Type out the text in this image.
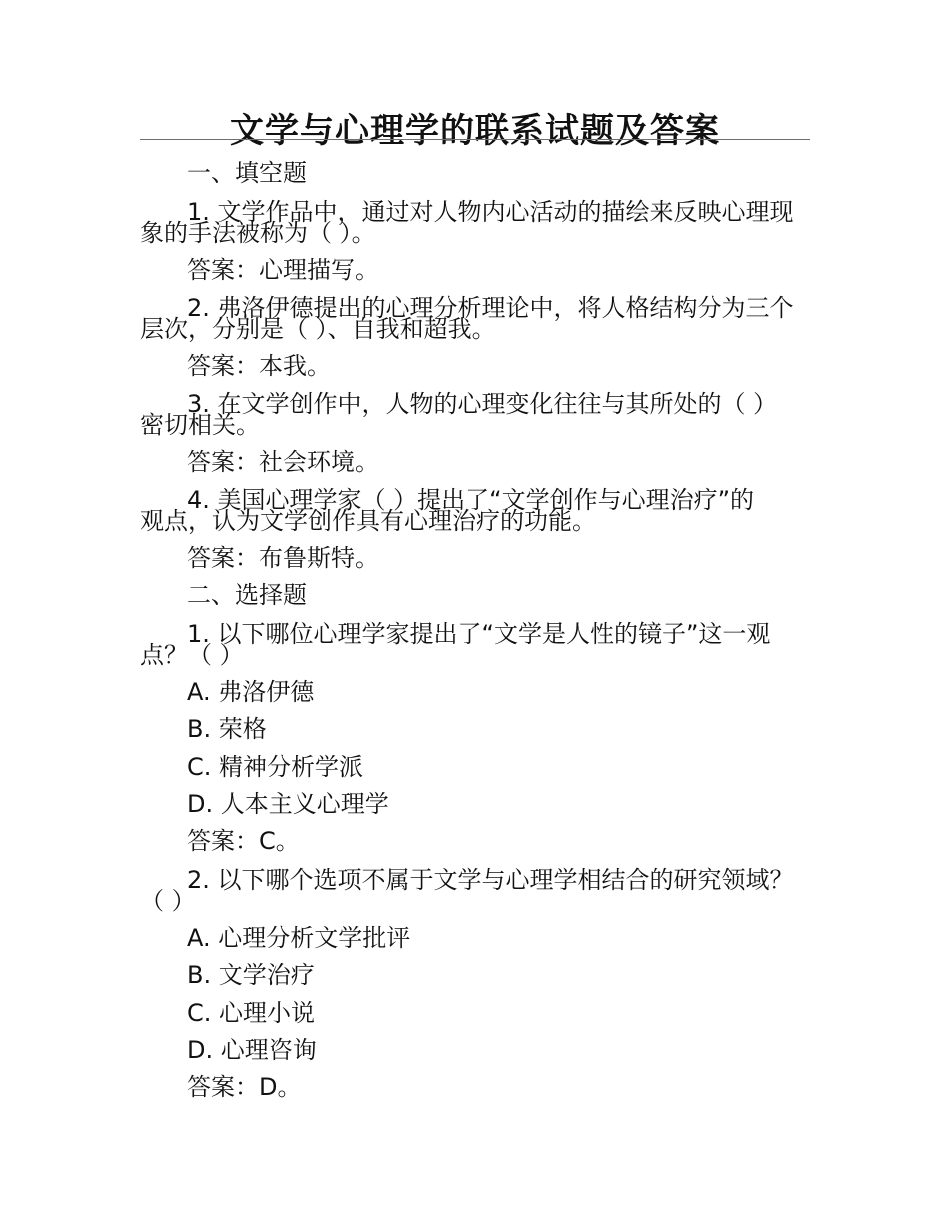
文学与心理学的联系试题及答案
一、填空题
1. 文学作品中，通过对人物内心活动的描绘来反映心理现
象的手法被称为（ ）。
答案：心理描写。
2. 弗洛伊德提出的心理分析理论中，将人格结构分为三个
层次，分别是（ ）、自我和超我。
答案：本我。
3. 在文学创作中，人物的心理变化往往与其所处的（ ）
密切相关。
答案：社会环境。
4. 美国心理学家（ ）提出了“文学创作与心理治疗”的
观点，认为文学创作具有心理治疗的功能。
答案：布鲁斯特。
二、选择题
1. 以下哪位心理学家提出了“文学是人性的镜子”这一观
点？（ ）
A. 弗洛伊德
B. 荣格
C. 精神分析学派
D. 人本主义心理学
答案：C。
2. 以下哪个选项不属于文学与心理学相结合的研究领域？
（ ）
A. 心理分析文学批评
B. 文学治疗
C. 心理小说
D. 心理咨询
答案：D。
